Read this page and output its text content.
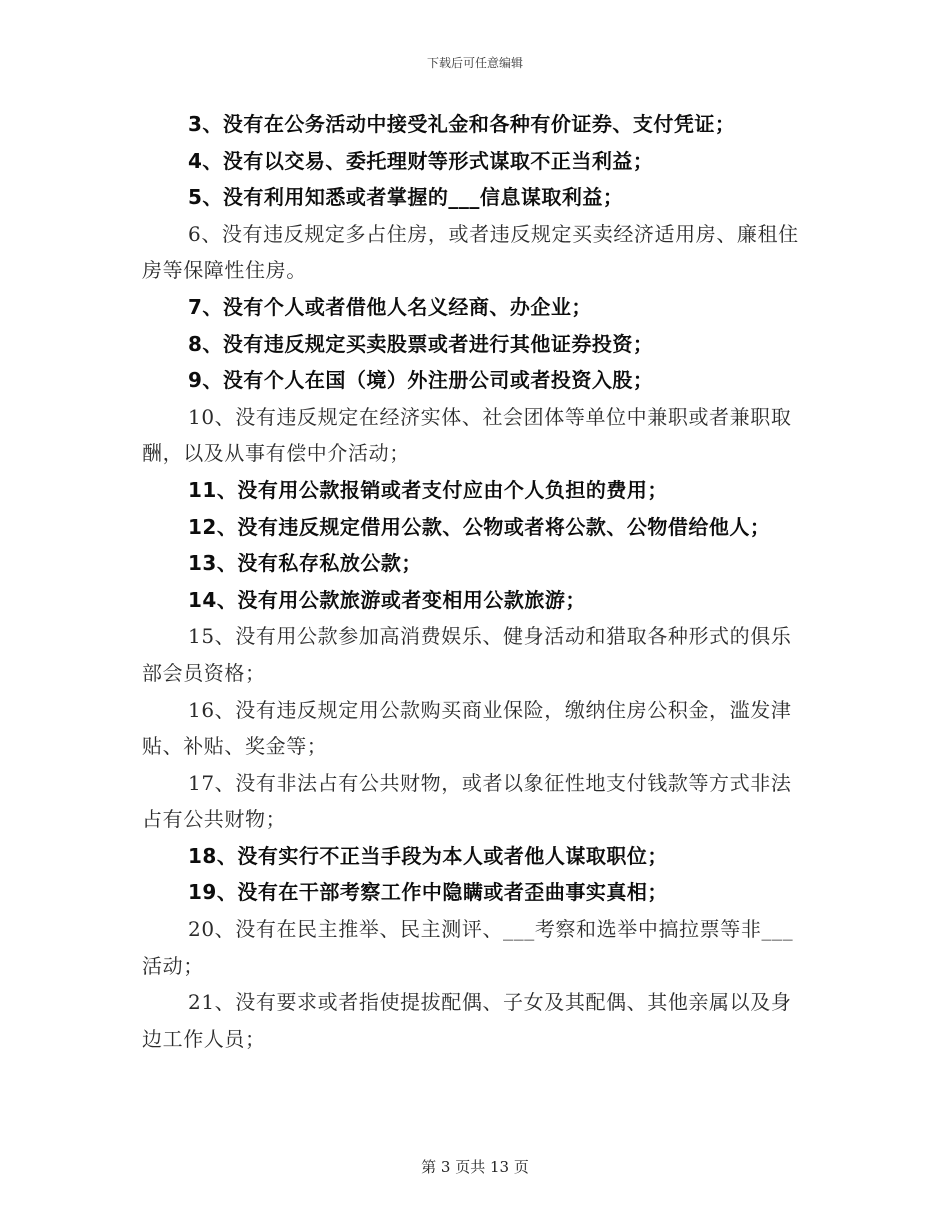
下载后可任意编辑

3、没有在公务活动中接受礼金和各种有价证券、支付凭证；

4、没有以交易、委托理财等形式谋取不正当利益；

5、没有利用知悉或者掌握的___信息谋取利益；

6、没有违反规定多占住房，或者违反规定买卖经济适用房、廉租住房等保障性住房。

7、没有个人或者借他人名义经商、办企业；

8、没有违反规定买卖股票或者进行其他证券投资；

9、没有个人在国（境）外注册公司或者投资入股；

10、没有违反规定在经济实体、社会团体等单位中兼职或者兼职取酬，以及从事有偿中介活动；

11、没有用公款报销或者支付应由个人负担的费用；

12、没有违反规定借用公款、公物或者将公款、公物借给他人；

13、没有私存私放公款；

14、没有用公款旅游或者变相用公款旅游；

15、没有用公款参加高消费娱乐、健身活动和猎取各种形式的俱乐部会员资格；

16、没有违反规定用公款购买商业保险，缴纳住房公积金，滥发津贴、补贴、奖金等；

17、没有非法占有公共财物，或者以象征性地支付钱款等方式非法占有公共财物；

18、没有实行不正当手段为本人或者他人谋取职位；

19、没有在干部考察工作中隐瞒或者歪曲事实真相；

20、没有在民主推举、民主测评、___考察和选举中搞拉票等非___活动；

21、没有要求或者指使提拔配偶、子女及其配偶、其他亲属以及身边工作人员；

第 3 页共 13 页
